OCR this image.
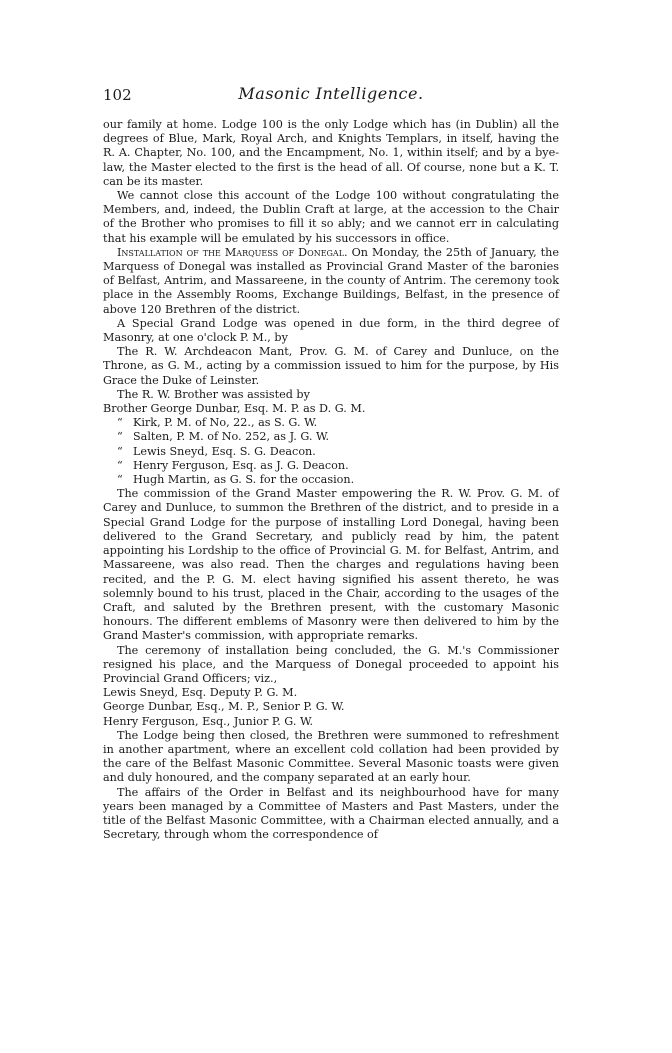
102	Masonic Intelligence.

our family at home. Lodge 100 is the only Lodge which has (in Dublin) all the degrees of Blue, Mark, Royal Arch, and Knights Templars, in itself, having the R. A. Chapter, No. 100, and the Encampment, No. 1, within itself; and by a bye-law, the Master elected to the first is the head of all. Of course, none but a K. T. can be its master.

We cannot close this account of the Lodge 100 without congratulating the Members, and, indeed, the Dublin Craft at large, at the accession to the Chair of the Brother who promises to fill it so ably; and we cannot err in calculating that his example will be emulated by his successors in office.

Installation of the Marquess of Donegal. On Monday, the 25th of January, the Marquess of Donegal was installed as Provincial Grand Master of the baronies of Belfast, Antrim, and Massareene, in the county of Antrim. The ceremony took place in the Assembly Rooms, Exchange Buildings, Belfast, in the presence of above 120 Brethren of the district.

A Special Grand Lodge was opened in due form, in the third degree of Masonry, at one o'clock P. M., by

The R. W. Archdeacon Mant, Prov. G. M. of Carey and Dunluce, on the Throne, as G. M., acting by a commission issued to him for the purpose, by His Grace the Duke of Leinster.

The R. W. Brother was assisted by

Brother George Dunbar, Esq. M. P. as D. G. M.
“ Kirk, P. M. of No, 22., as S. G. W.
“ Salten, P. M. of No. 252, as J. G. W.
“ Lewis Sneyd, Esq. S. G. Deacon.
“ Henry Ferguson, Esq. as J. G. Deacon.
“ Hugh Martin, as G. S. for the occasion.

The commission of the Grand Master empowering the R. W. Prov. G. M. of Carey and Dunluce, to summon the Brethren of the district, and to preside in a Special Grand Lodge for the purpose of installing Lord Donegal, having been delivered to the Grand Secretary, and publicly read by him, the patent appointing his Lordship to the office of Provincial G. M. for Belfast, Antrim, and Massareene, was also read. Then the charges and regulations having been recited, and the P. G. M. elect having signified his assent thereto, he was solemnly bound to his trust, placed in the Chair, according to the usages of the Craft, and saluted by the Brethren present, with the customary Masonic honours. The different emblems of Masonry were then delivered to him by the Grand Master's commission, with appropriate remarks.

The ceremony of installation being concluded, the G. M.'s Commissioner resigned his place, and the Marquess of Donegal proceeded to appoint his Provincial Grand Officers; viz.,

Lewis Sneyd, Esq. Deputy P. G. M.
George Dunbar, Esq., M. P., Senior P. G. W.
Henry Ferguson, Esq., Junior P. G. W.

The Lodge being then closed, the Brethren were summoned to refreshment in another apartment, where an excellent cold collation had been provided by the care of the Belfast Masonic Committee. Several Masonic toasts were given and duly honoured, and the company separated at an early hour.

The affairs of the Order in Belfast and its neighbourhood have for many years been managed by a Committee of Masters and Past Masters, under the title of the Belfast Masonic Committee, with a Chairman elected annually, and a Secretary, through whom the correspondence of
